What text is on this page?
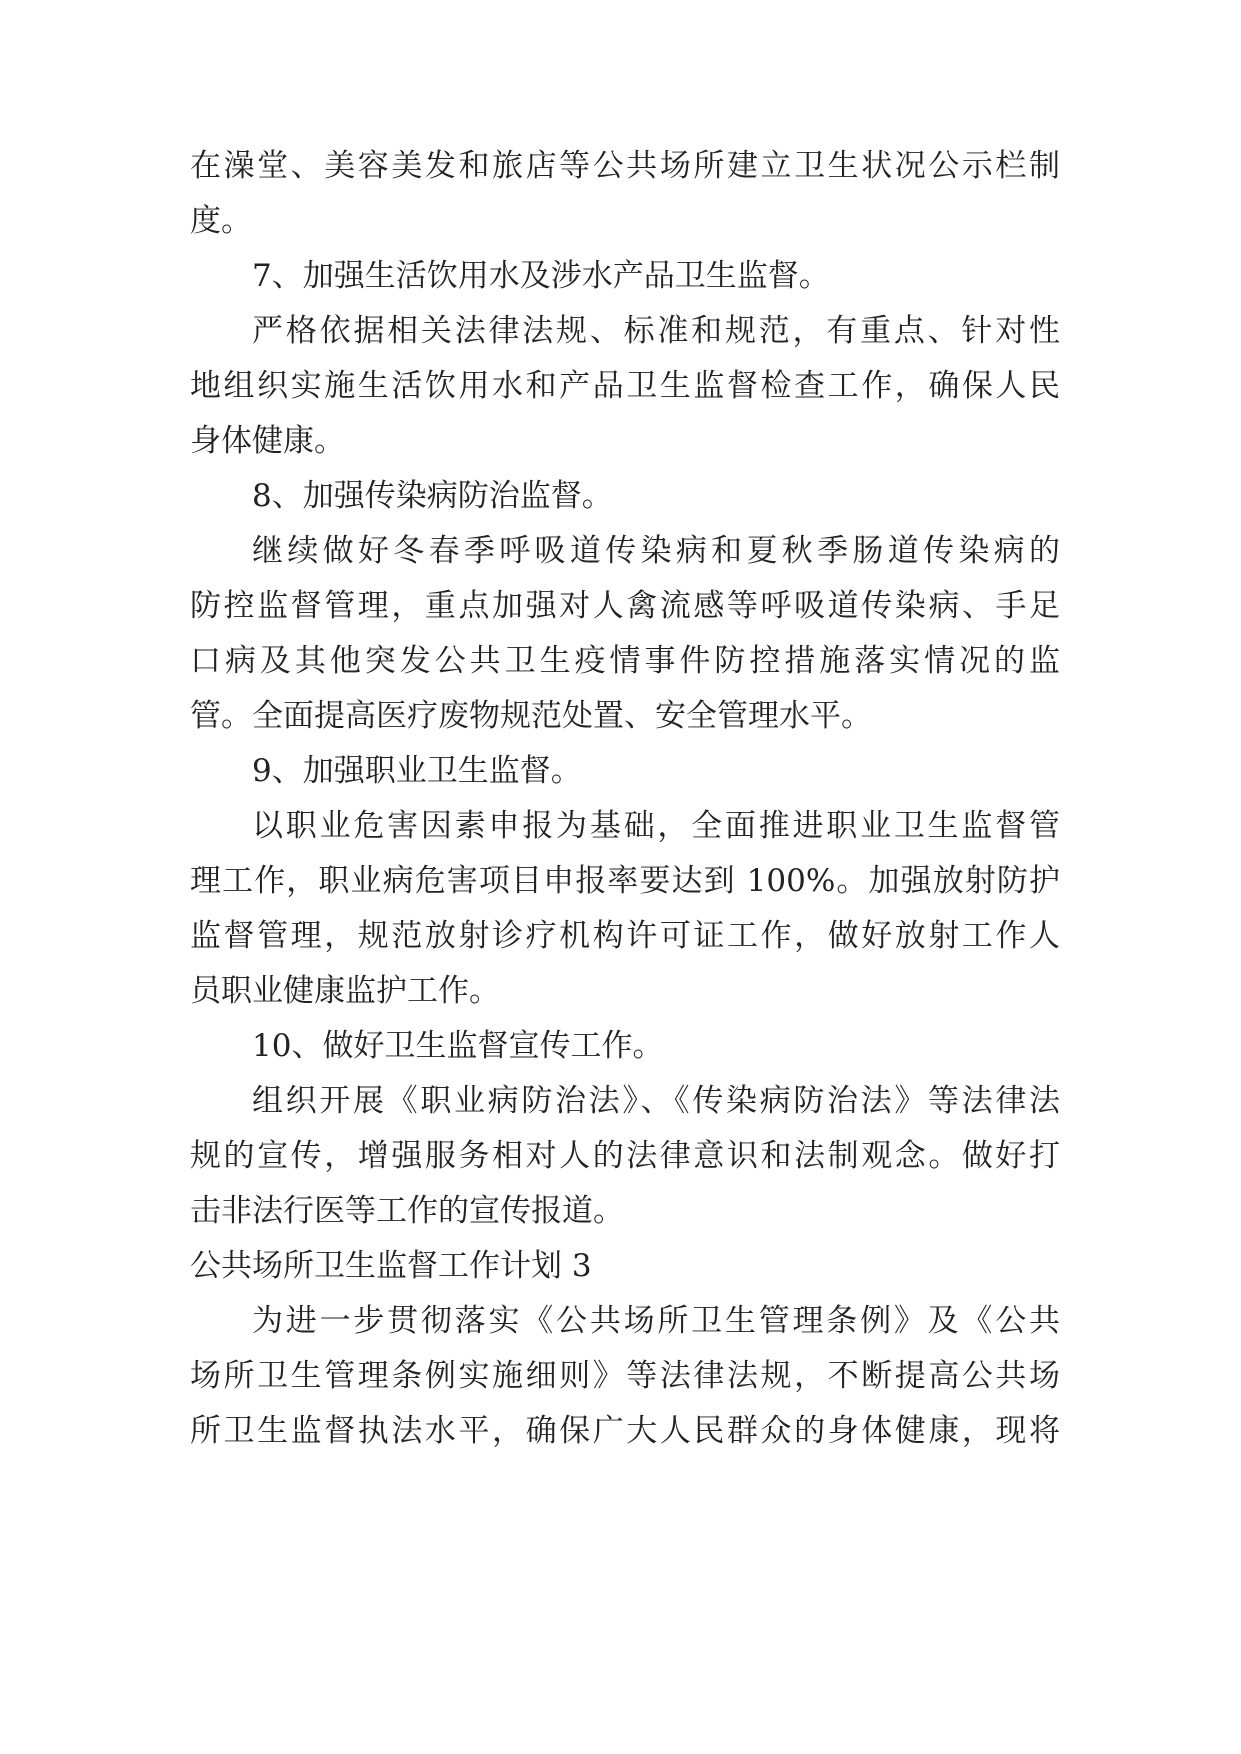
在澡堂、美容美发和旅店等公共场所建立卫生状况公示栏制
度。
7、加强生活饮用水及涉水产品卫生监督。
严格依据相关法律法规、标准和规范，有重点、针对性
地组织实施生活饮用水和产品卫生监督检查工作，确保人民
身体健康。
8、加强传染病防治监督。
继续做好冬春季呼吸道传染病和夏秋季肠道传染病的
防控监督管理，重点加强对人禽流感等呼吸道传染病、手足
口病及其他突发公共卫生疫情事件防控措施落实情况的监
管。全面提高医疗废物规范处置、安全管理水平。
9、加强职业卫生监督。
以职业危害因素申报为基础，全面推进职业卫生监督管
理工作，职业病危害项目申报率要达到 100%。加强放射防护
监督管理，规范放射诊疗机构许可证工作，做好放射工作人
员职业健康监护工作。
10、做好卫生监督宣传工作。
组织开展《职业病防治法》、《传染病防治法》等法律法
规的宣传，增强服务相对人的法律意识和法制观念。做好打
击非法行医等工作的宣传报道。
公共场所卫生监督工作计划 3
为进一步贯彻落实《公共场所卫生管理条例》及《公共
场所卫生管理条例实施细则》等法律法规，不断提高公共场
所卫生监督执法水平，确保广大人民群众的身体健康，现将
